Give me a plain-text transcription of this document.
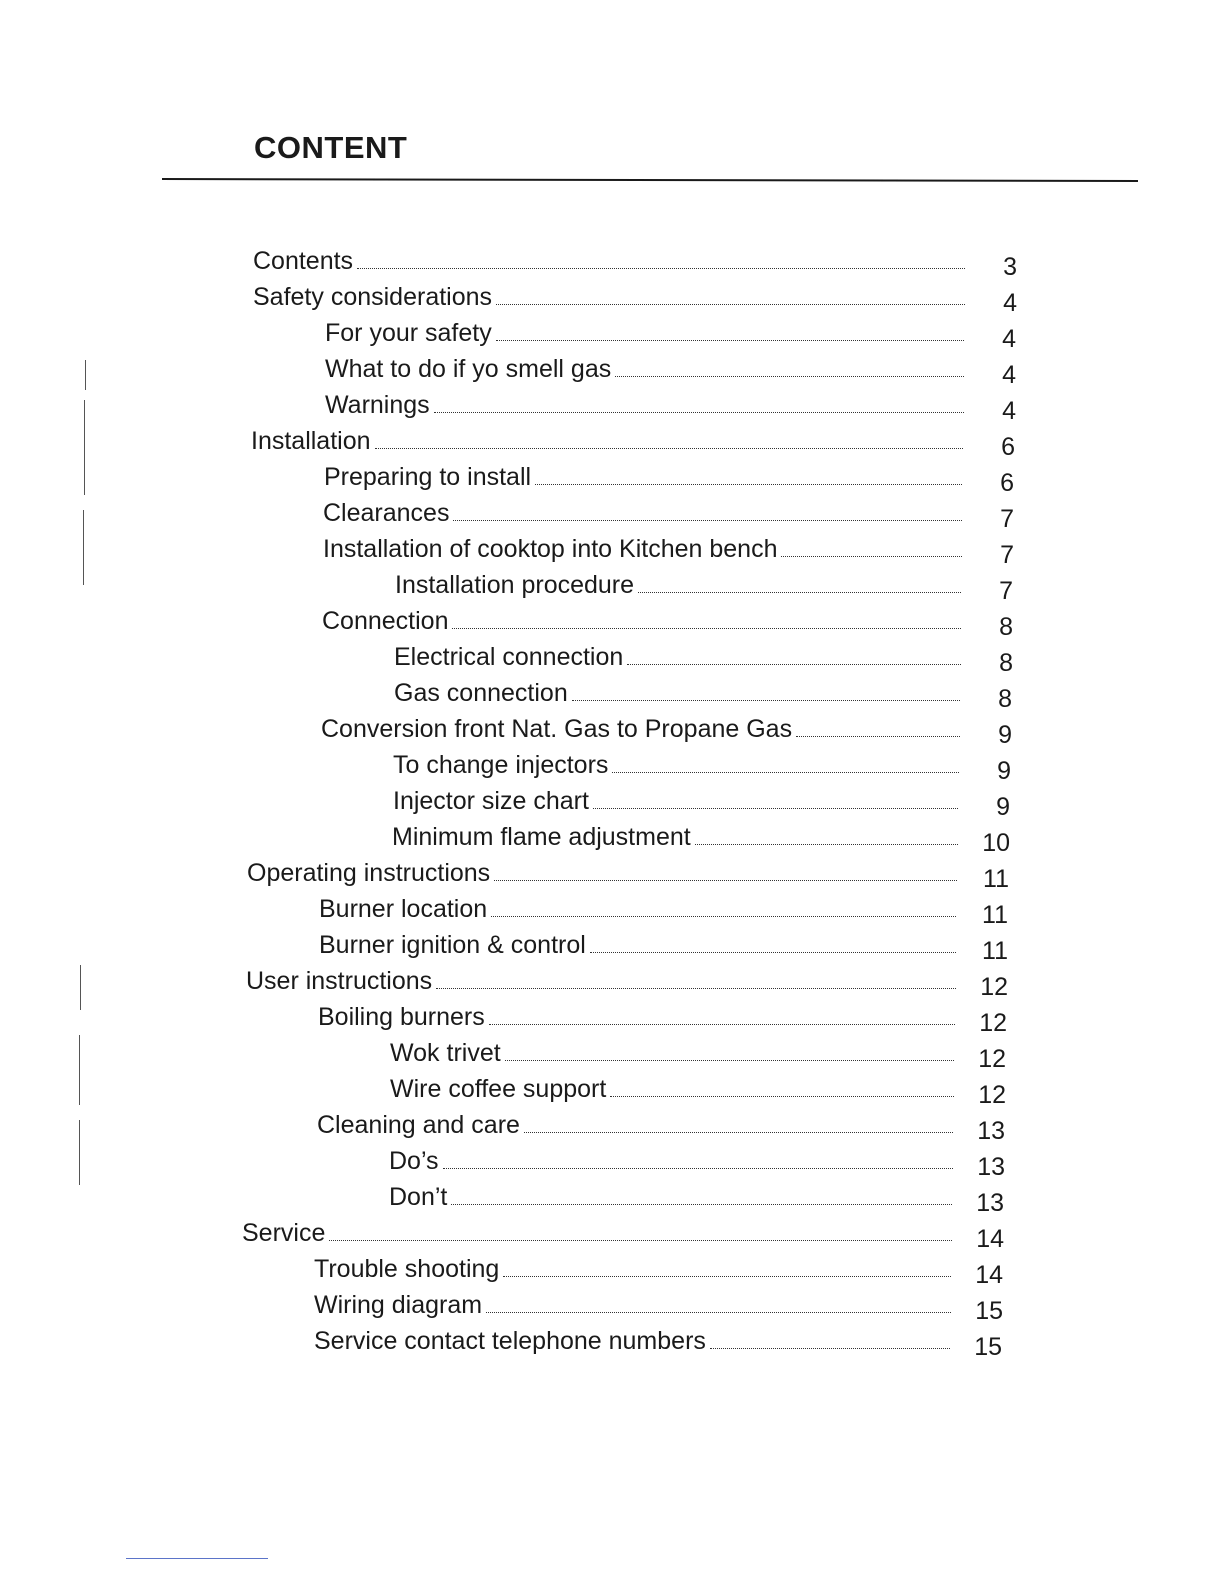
CONTENT
Contents	3
Safety considerations	4
For your safety	4
What to do if yo smell gas	4
Warnings	4
Installation	6
Preparing to install	6
Clearances	7
Installation of cooktop into Kitchen bench	7
Installation procedure	7
Connection	8
Electrical connection	8
Gas connection	8
Conversion front Nat. Gas to Propane Gas	9
To change injectors	9
Injector size chart	9
Minimum flame adjustment	10
Operating instructions	11
Burner location	11
Burner ignition & control	11
User instructions	12
Boiling burners	12
Wok trivet	12
Wire coffee support	12
Cleaning and care	13
Do’s	13
Don’t	13
Service	14
Trouble shooting	14
Wiring diagram	15
Service contact telephone numbers	15
